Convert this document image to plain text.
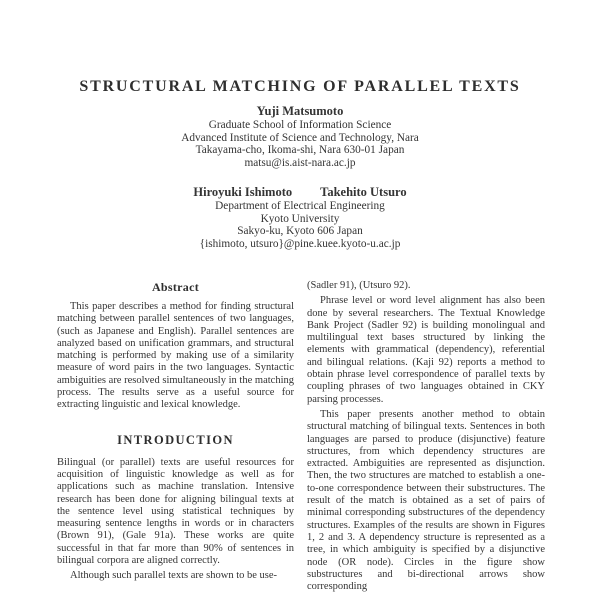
STRUCTURAL MATCHING OF PARALLEL TEXTS
Yuji Matsumoto
Graduate School of Information Science
Advanced Institute of Science and Technology, Nara
Takayama-cho, Ikoma-shi, Nara 630-01 Japan
matsu@is.aist-nara.ac.jp
Hiroyuki Ishimoto Takehito Utsuro
Department of Electrical Engineering
Kyoto University
Sakyo-ku, Kyoto 606 Japan
{ishimoto, utsuro}@pine.kuee.kyoto-u.ac.jp
Abstract

This paper describes a method for finding structural matching between parallel sentences of two languages, (such as Japanese and English). Parallel sentences are analyzed based on unification grammars, and structural matching is performed by making use of a similarity measure of word pairs in the two languages. Syntactic ambiguities are resolved simultaneously in the matching process. The results serve as a useful source for extracting linguistic and lexical knowledge.

INTRODUCTION

Bilingual (or parallel) texts are useful resources for acquisition of linguistic knowledge as well as for applications such as machine translation. Intensive research has been done for aligning bilingual texts at the sentence level using statistical techniques by measuring sentence lengths in words or in characters (Brown 91), (Gale 91a). These works are quite successful in that far more than 90% of sentences in bilingual corpora are aligned correctly.

Although such parallel texts are shown to be use-

(Sadler 91), (Utsuro 92).

Phrase level or word level alignment has also been done by several researchers. The Textual Knowledge Bank Project (Sadler 92) is building monolingual and multilingual text bases structured by linking the elements with grammatical (dependency), referential and bilingual relations. (Kaji 92) reports a method to obtain phrase level correspondence of parallel texts by coupling phrases of two languages obtained in CKY parsing processes.

This paper presents another method to obtain structural matching of bilingual texts. Sentences in both languages are parsed to produce (disjunctive) feature structures, from which dependency structures are extracted. Ambiguities are represented as disjunction. Then, the two structures are matched to establish a one-to-one correspondence between their substructures. The result of the match is obtained as a set of pairs of minimal corresponding substructures of the dependency structures. Examples of the results are shown in Figures 1, 2 and 3. A dependency structure is represented as a tree, in which ambiguity is specified by a disjunctive node (OR node). Circles in the figure show substructures and bi-directional arrows show corresponding
